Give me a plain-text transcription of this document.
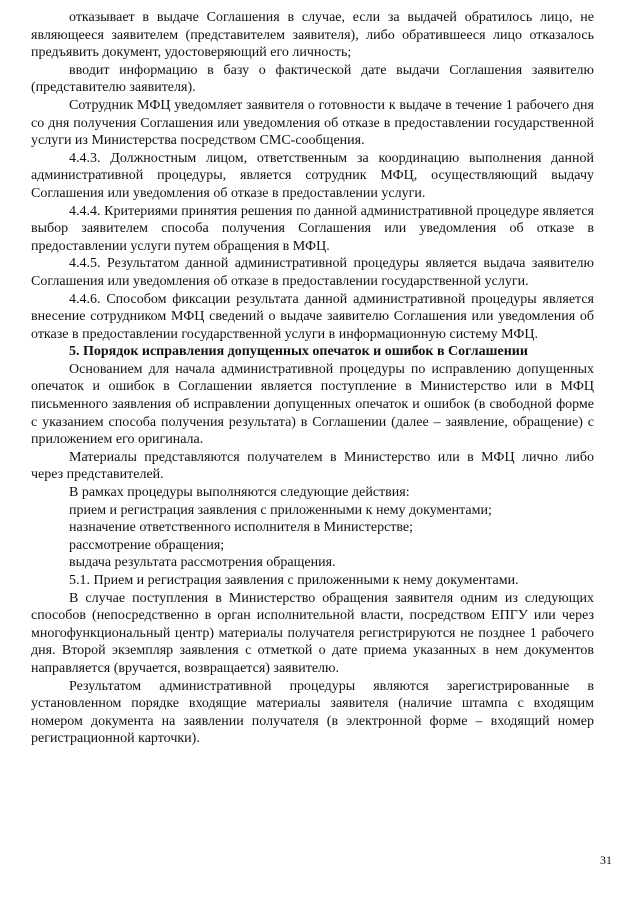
отказывает в выдаче Соглашения в случае, если за выдачей обратилось лицо, не являющееся заявителем (представителем заявителя), либо обратившееся лицо отказалось предъявить документ, удостоверяющий его личность;

вводит информацию в базу о фактической дате выдачи Соглашения заявителю (представителю заявителя).

Сотрудник МФЦ уведомляет заявителя о готовности к выдаче в течение 1 рабочего дня со дня получения Соглашения или уведомления об отказе в предоставлении государственной услуги из Министерства посредством СМС-сообщения.

4.4.3. Должностным лицом, ответственным за координацию выполнения данной административной процедуры, является сотрудник МФЦ, осуществляющий выдачу Соглашения или уведомления об отказе в предоставлении услуги.

4.4.4. Критериями принятия решения по данной административной процедуре является выбор заявителем способа получения Соглашения или уведомления об отказе в предоставлении услуги путем обращения в МФЦ.

4.4.5. Результатом данной административной процедуры является выдача заявителю Соглашения или уведомления об отказе в предоставлении государственной услуги.

4.4.6. Способом фиксации результата данной административной процедуры является внесение сотрудником МФЦ сведений о выдаче заявителю Соглашения или уведомления об отказе в предоставлении государственной услуги в информационную систему МФЦ.

5. Порядок исправления допущенных опечаток и ошибок в Соглашении

Основанием для начала административной процедуры по исправлению допущенных опечаток и ошибок в Соглашении является поступление в Министерство или в МФЦ письменного заявления об исправлении допущенных опечаток и ошибок (в свободной форме с указанием способа получения результата) в Соглашении (далее – заявление, обращение) с приложением его оригинала.

Материалы представляются получателем в Министерство или в МФЦ лично либо через представителей.

В рамках процедуры выполняются следующие действия:

прием и регистрация заявления с приложенными к нему документами;

назначение ответственного исполнителя в Министерстве;

рассмотрение обращения;

выдача результата рассмотрения обращения.

5.1. Прием и регистрация заявления с приложенными к нему документами.

В случае поступления в Министерство обращения заявителя одним из следующих способов (непосредственно в орган исполнительной власти, посредством ЕПГУ или через многофункциональный центр) материалы получателя регистрируются не позднее 1 рабочего дня. Второй экземпляр заявления с отметкой о дате приема указанных в нем документов направляется (вручается, возвращается) заявителю.

Результатом административной процедуры являются зарегистрированные в установленном порядке входящие материалы заявителя (наличие штампа с входящим номером документа на заявлении получателя (в электронной форме – входящий номер регистрационной карточки).

31
